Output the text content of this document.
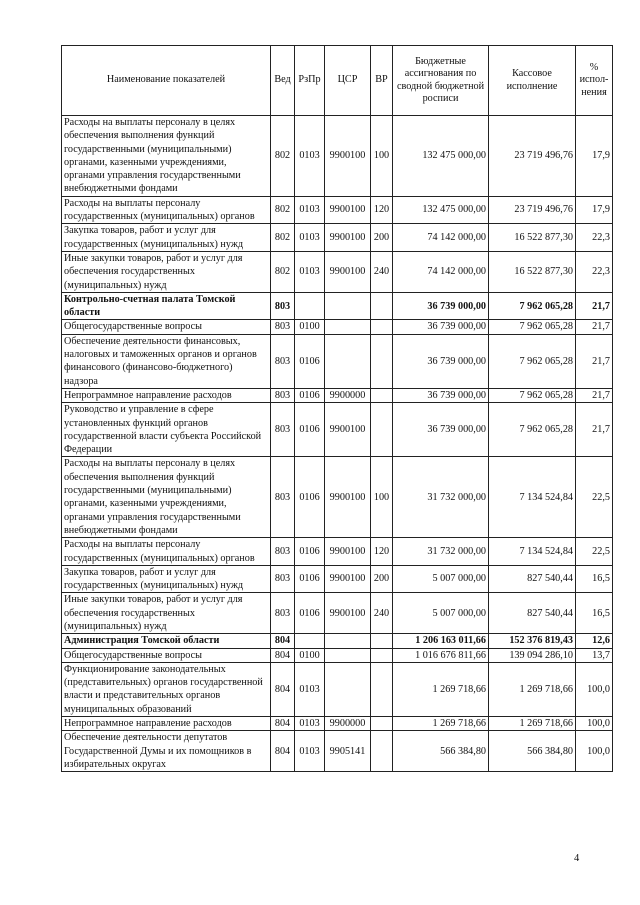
Наименование показателей	Вед	РзПр	ЦСР	ВР	Бюджетные ассигнования по сводной бюджетной росписи	Кассовое исполнение	% испол-нения
Расходы на выплаты персоналу в целях обеспечения выполнения функций государственными (муниципальными) органами, казенными учреждениями, органами управления государственными внебюджетными фондами	802	0103	9900100	100	132 475 000,00	23 719 496,76	17,9
Расходы на выплаты персоналу государственных (муниципальных) органов	802	0103	9900100	120	132 475 000,00	23 719 496,76	17,9
Закупка товаров, работ и услуг для государственных (муниципальных) нужд	802	0103	9900100	200	74 142 000,00	16 522 877,30	22,3
Иные закупки товаров, работ и услуг для обеспечения государственных (муниципальных) нужд	802	0103	9900100	240	74 142 000,00	16 522 877,30	22,3
Контрольно-счетная палата Томской области	803				36 739 000,00	7 962 065,28	21,7
Общегосударственные вопросы	803	0100			36 739 000,00	7 962 065,28	21,7
Обеспечение деятельности финансовых, налоговых и таможенных органов и органов финансового (финансово-бюджетного) надзора	803	0106			36 739 000,00	7 962 065,28	21,7
Непрограммное направление расходов	803	0106	9900000		36 739 000,00	7 962 065,28	21,7
Руководство и управление в сфере установленных функций органов государственной власти субъекта Российской Федерации	803	0106	9900100		36 739 000,00	7 962 065,28	21,7
Расходы на выплаты персоналу в целях обеспечения выполнения функций государственными (муниципальными) органами, казенными учреждениями, органами управления государственными внебюджетными фондами	803	0106	9900100	100	31 732 000,00	7 134 524,84	22,5
Расходы на выплаты персоналу государственных (муниципальных) органов	803	0106	9900100	120	31 732 000,00	7 134 524,84	22,5
Закупка товаров, работ и услуг для государственных (муниципальных) нужд	803	0106	9900100	200	5 007 000,00	827 540,44	16,5
Иные закупки товаров, работ и услуг для обеспечения государственных (муниципальных) нужд	803	0106	9900100	240	5 007 000,00	827 540,44	16,5
Администрация Томской области	804				1 206 163 011,66	152 376 819,43	12,6
Общегосударственные вопросы	804	0100			1 016 676 811,66	139 094 286,10	13,7
Функционирование законодательных (представительных) органов государственной власти и представительных органов муниципальных образований	804	0103			1 269 718,66	1 269 718,66	100,0
Непрограммное направление расходов	804	0103	9900000		1 269 718,66	1 269 718,66	100,0
Обеспечение деятельности депутатов Государственной Думы и их помощников в избирательных округах	804	0103	9905141		566 384,80	566 384,80	100,0
4
